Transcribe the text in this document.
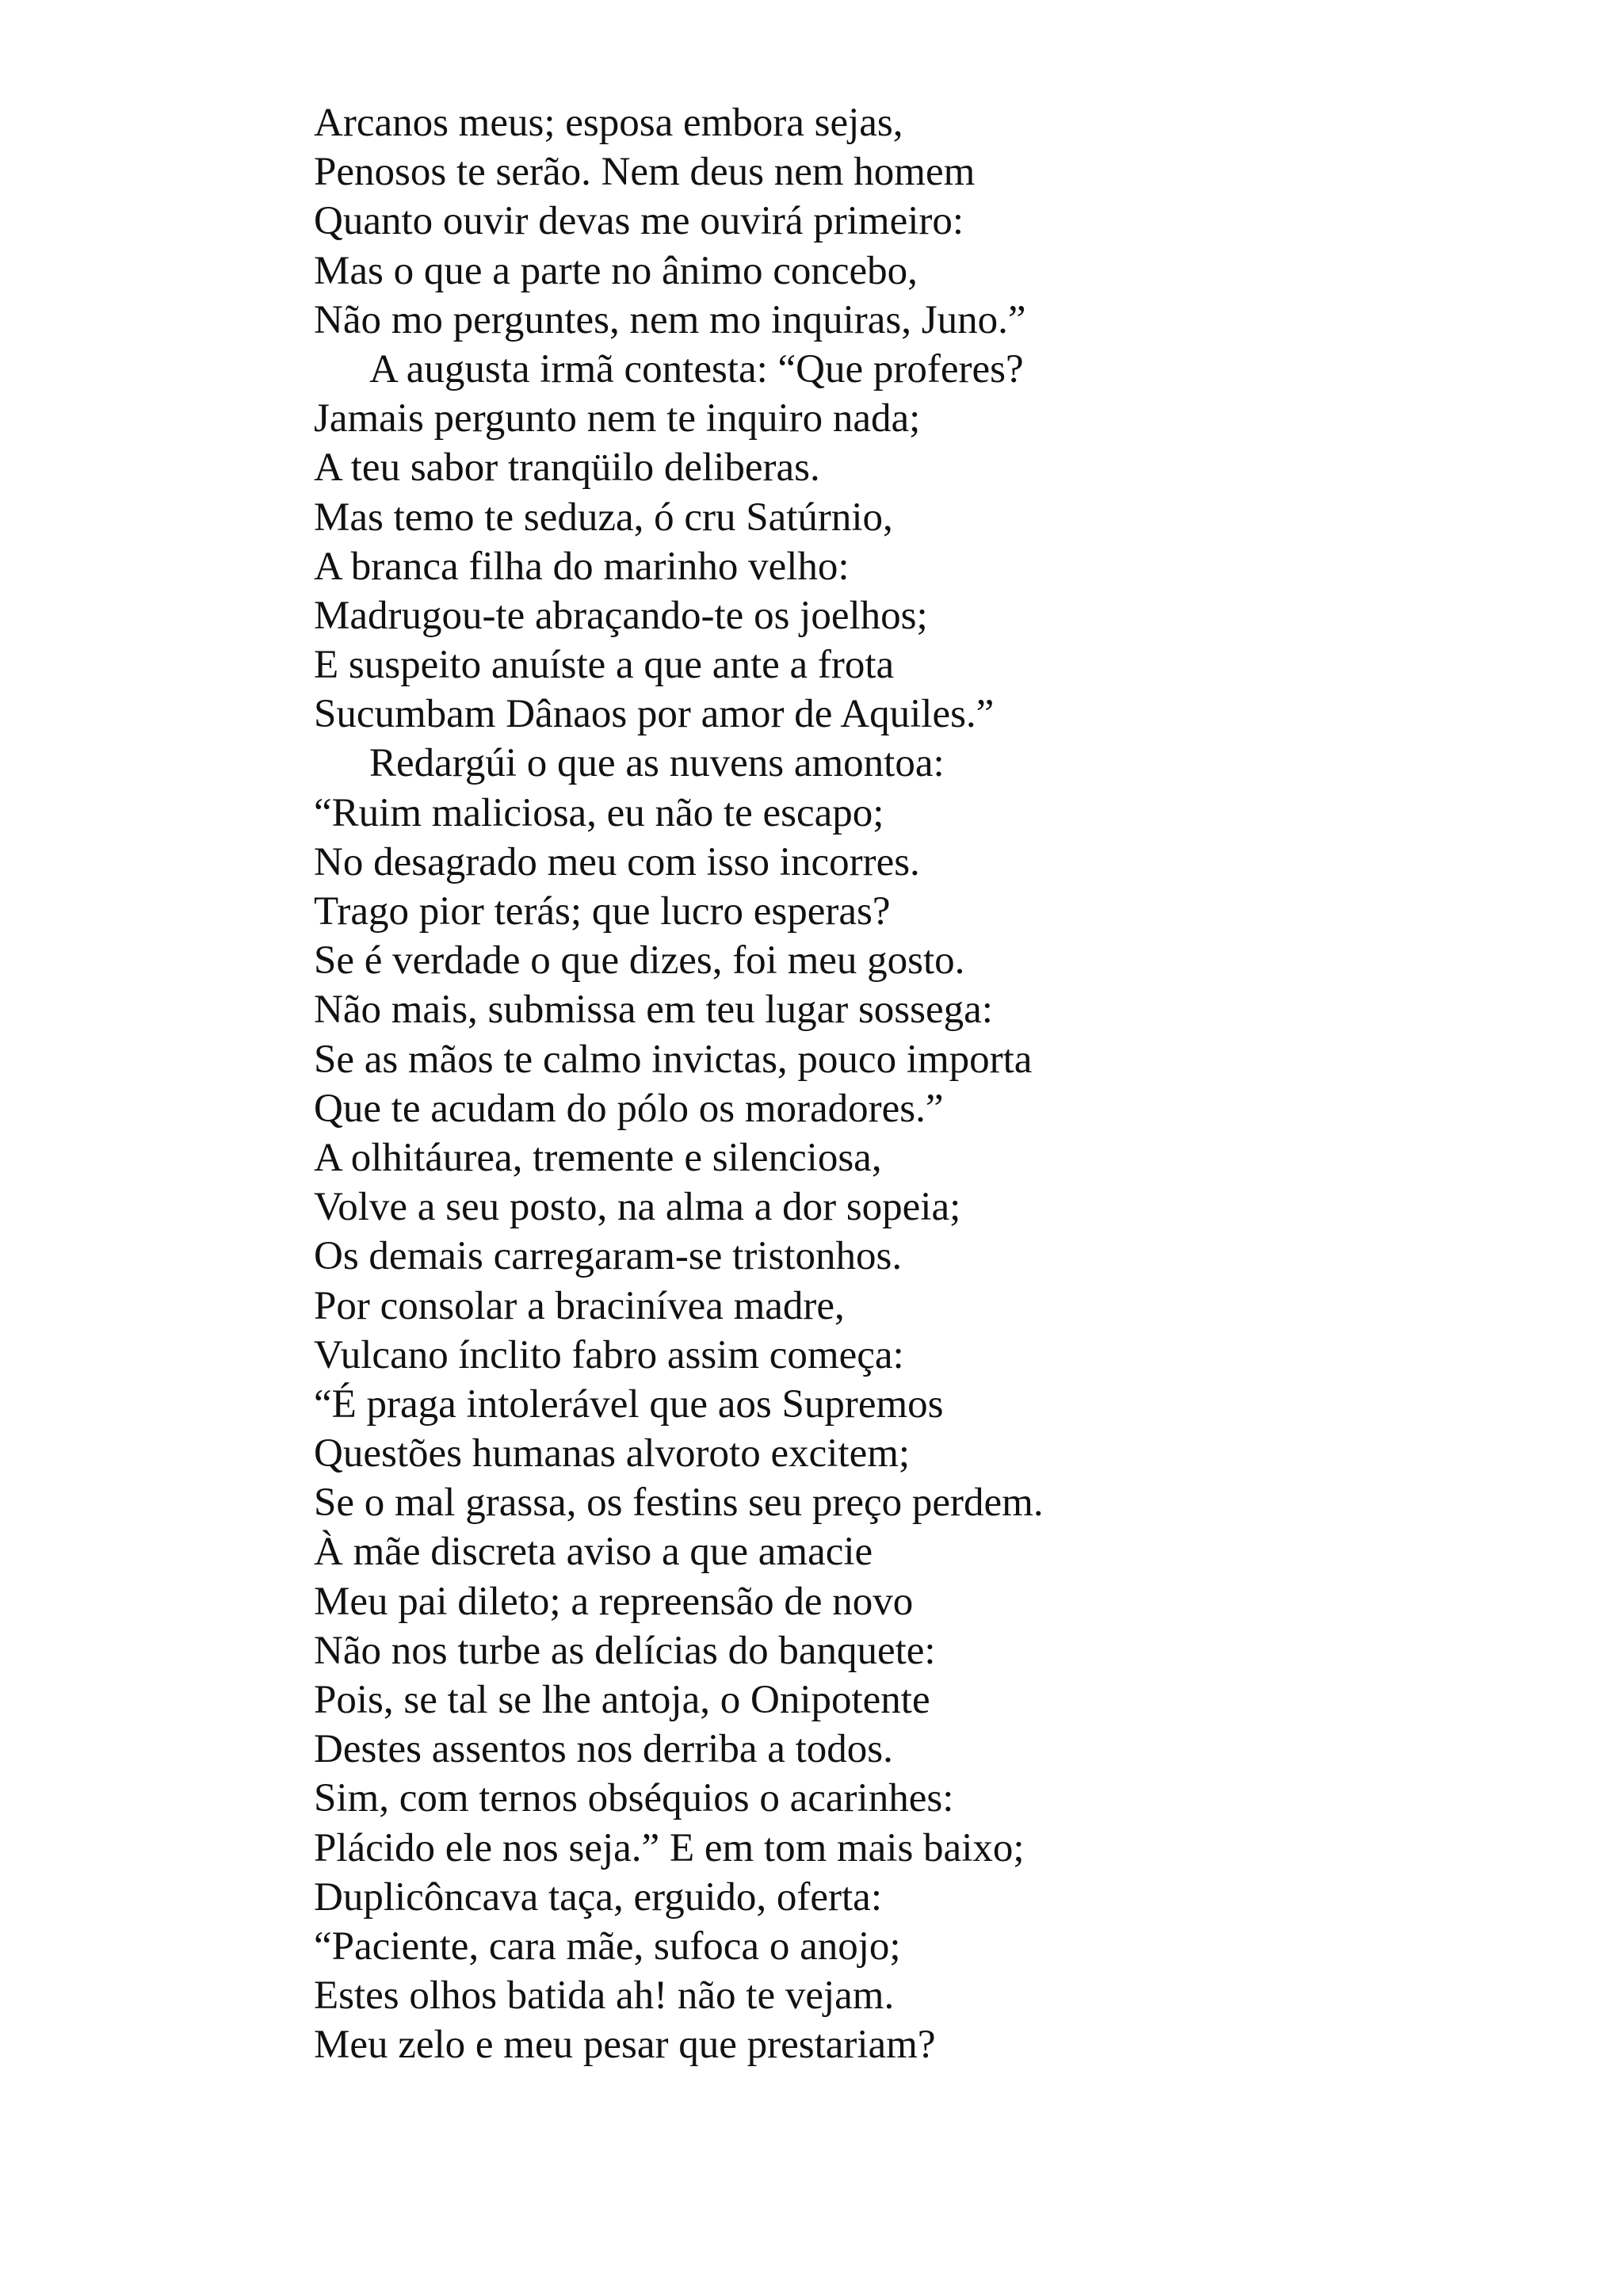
Arcanos meus; esposa embora sejas,
Penosos te serão. Nem deus nem homem
Quanto ouvir devas me ouvirá primeiro:
Mas o que a parte no ânimo concebo,
Não mo perguntes, nem mo inquiras, Juno.”
A augusta irmã contesta: “Que proferes?
Jamais pergunto nem te inquiro nada;
A teu sabor tranqüilo deliberas.
Mas temo te seduza, ó cru Satúrnio,
A branca filha do marinho velho:
Madrugou-te abraçando-te os joelhos;
E suspeito anuíste a que ante a frota
Sucumbam Dânaos por amor de Aquiles.”
Redargúi o que as nuvens amontoa:
“Ruim maliciosa, eu não te escapo;
No desagrado meu com isso incorres.
Trago pior terás; que lucro esperas?
Se é verdade o que dizes, foi meu gosto.
Não mais, submissa em teu lugar sossega:
Se as mãos te calmo invictas, pouco importa
Que te acudam do pólo os moradores.”
A olhitáurea, tremente e silenciosa,
Volve a seu posto, na alma a dor sopeia;
Os demais carregaram-se tristonhos.
Por consolar a bracinívea madre,
Vulcano ínclito fabro assim começa:
“É praga intolerável que aos Supremos
Questões humanas alvoroto excitem;
Se o mal grassa, os festins seu preço perdem.
À mãe discreta aviso a que amacie
Meu pai dileto; a repreensão de novo
Não nos turbe as delícias do banquete:
Pois, se tal se lhe antoja, o Onipotente
Destes assentos nos derriba a todos.
Sim, com ternos obséquios o acarinhes:
Plácido ele nos seja.” E em tom mais baixo;
Duplicôncava taça, erguido, oferta:
“Paciente, cara mãe, sufoca o anojo;
Estes olhos batida ah! não te vejam.
Meu zelo e meu pesar que prestariam?
